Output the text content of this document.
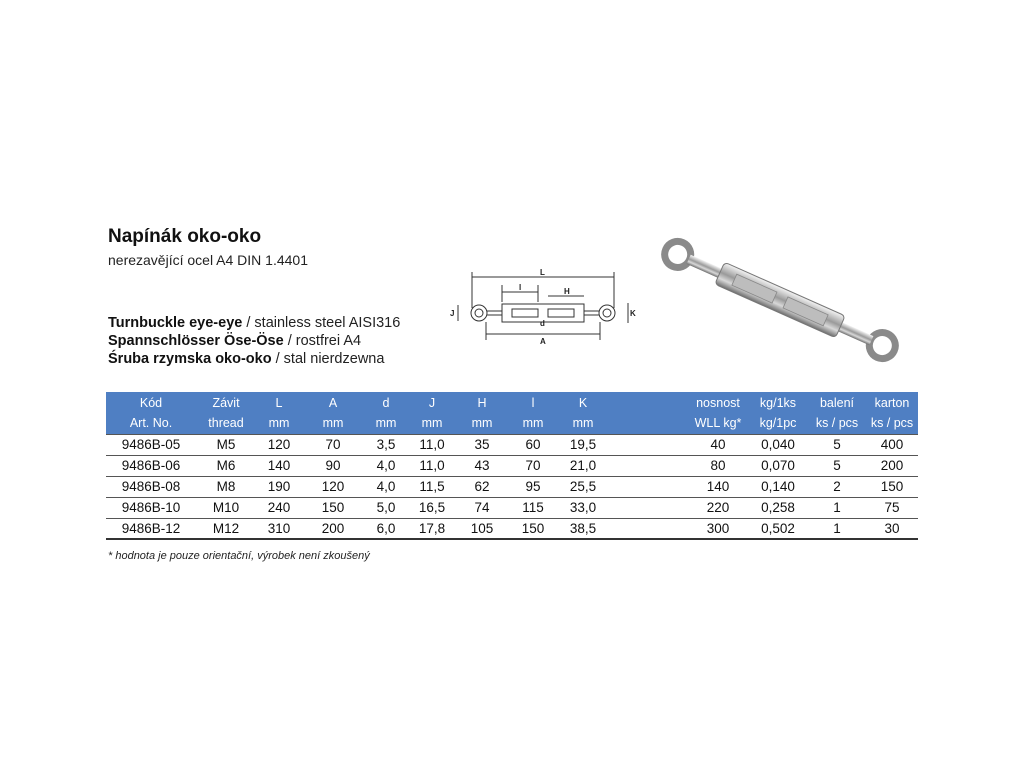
Napínák oko-oko
nerezavějící ocel A4 DIN 1.4401
Turnbuckle eye-eye / stainless steel AISI316
Spannschlösser Öse-Öse / rostfrei A4
Śruba rzymska oko-oko / stal nierdzewna
L
l	H
d
J	K
A
Kód	Závit	L	A	d	J	H	l	K		nosnost	kg/1ks	balení	karton
Art. No.	thread	mm	mm	mm	mm	mm	mm	mm		WLL kg*	kg/1pc	ks / pcs	ks / pcs
9486B-05	M5	120	70	3,5	11,0	35	60	19,5		40	0,040	5	400
9486B-06	M6	140	90	4,0	11,0	43	70	21,0		80	0,070	5	200
9486B-08	M8	190	120	4,0	11,5	62	95	25,5		140	0,140	2	150
9486B-10	M10	240	150	5,0	16,5	74	115	33,0		220	0,258	1	75
9486B-12	M12	310	200	6,0	17,8	105	150	38,5		300	0,502	1	30
* hodnota je pouze orientační, výrobek není zkoušený
